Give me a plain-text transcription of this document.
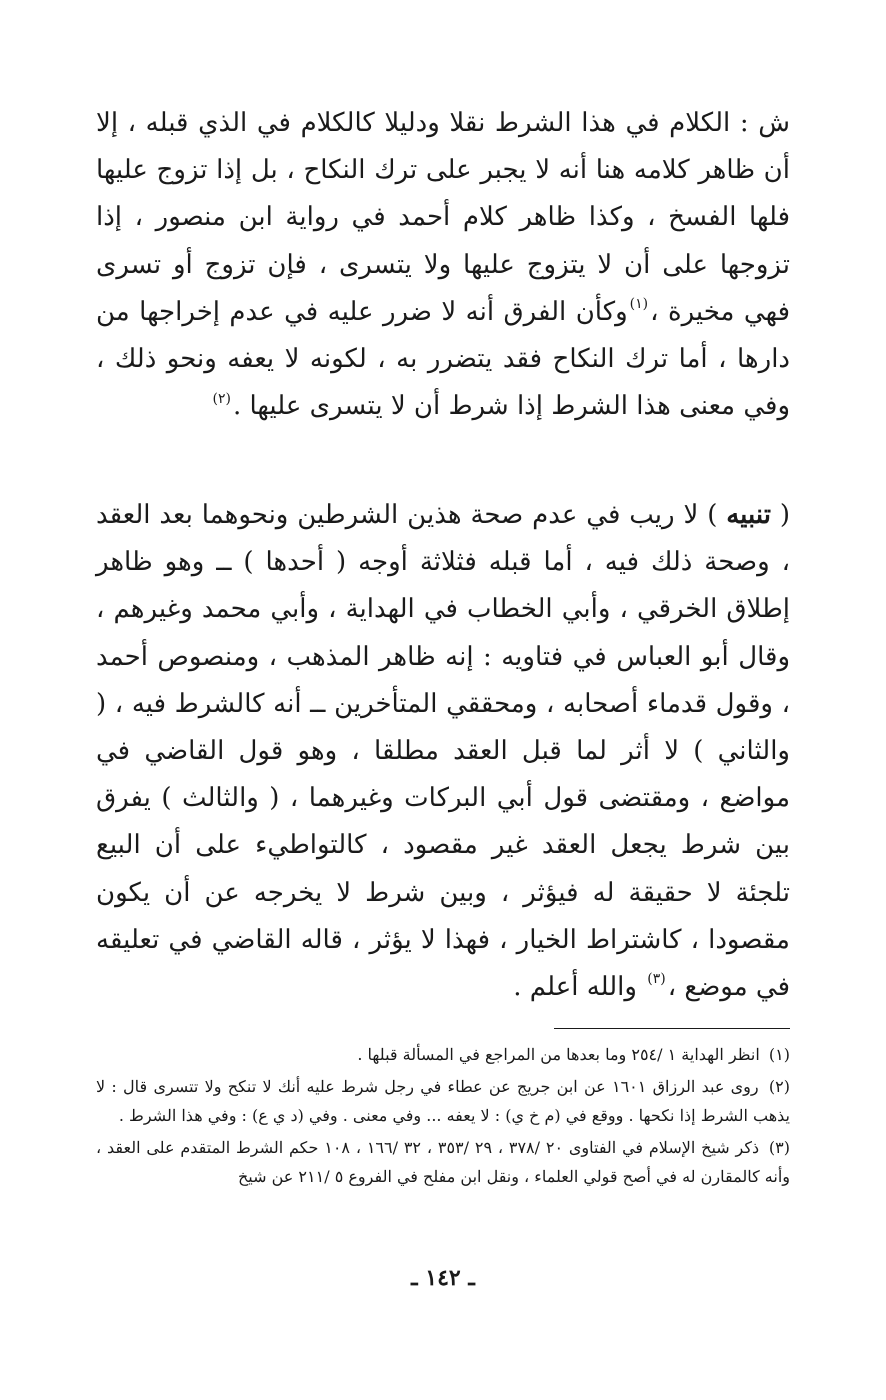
ش : الكلام في هذا الشرط نقلا ودليلا كالكلام في الذي قبله ، إلا أن ظاهر كلامه هنا أنه لا يجبر على ترك النكاح ، بل إذا تزوج عليها فلها الفسخ ، وكذا ظاهر كلام أحمد في رواية ابن منصور ، إذا تزوجها على أن لا يتزوج عليها ولا يتسرى ، فإن تزوج أو تسرى فهي مخيرة ،$^{(١)}$وكأن الفرق أنه لا ضرر عليه في عدم إخراجها من دارها ، أما ترك النكاح فقد يتضرر به ، لكونه لا يعفه ونحو ذلك ، وفي معنى هذا الشرط إذا شرط أن لا يتسرى عليها .$^{(٢)}$

( تنبيه ) لا ريب في عدم صحة هذين الشرطين ونحوهما بعد العقد ، وصحة ذلك فيه ، أما قبله فثلاثة أوجه ( أحدها ) ــ وهو ظاهر إطلاق الخرقي ، وأبي الخطاب في الهداية ، وأبي محمد وغيرهم ، وقال أبو العباس في فتاويه : إنه ظاهر المذهب ، ومنصوص أحمد ، وقول قدماء أصحابه ، ومحققي المتأخرين ــ أنه كالشرط فيه ، ( والثاني ) لا أثر لما قبل العقد مطلقا ، وهو قول القاضي في مواضع ، ومقتضى قول أبي البركات وغيرهما ، ( والثالث ) يفرق بين شرط يجعل العقد غير مقصود ، كالتواطيء على أن البيع تلجئة لا حقيقة له فيؤثر ، وبين شرط لا يخرجه عن أن يكون مقصودا ، كاشتراط الخيار ، فهذا لا يؤثر ، قاله القاضي في تعليقه في موضع ،$^{(٣)}$ والله أعلم .

(١) انظر الهداية ١ /٢٥٤ وما بعدها من المراجع في المسألة قبلها .

(٢) روى عبد الرزاق ١٦٠١ عن ابن جريج عن عطاء في رجل شرط عليه أنك لا تنكح ولا تتسرى قال : لا يذهب الشرط إذا نكحها . ووقع في (م خ ي) : لا يعفه ... وفي معنى . وفي (د ي ع) : وفي هذا الشرط .

(٣) ذكر شيخ الإسلام في الفتاوى ٢٠ /٣٧٨ ، ٢٩ /٣٥٣ ، ٣٢ /١٦٦ ، ١٠٨ حكم الشرط المتقدم على العقد ، وأنه كالمقارن له في أصح قولي العلماء ، ونقل ابن مفلح في الفروع ٥ /٢١١ عن شيخ

ـ ١٤٢ ـ
